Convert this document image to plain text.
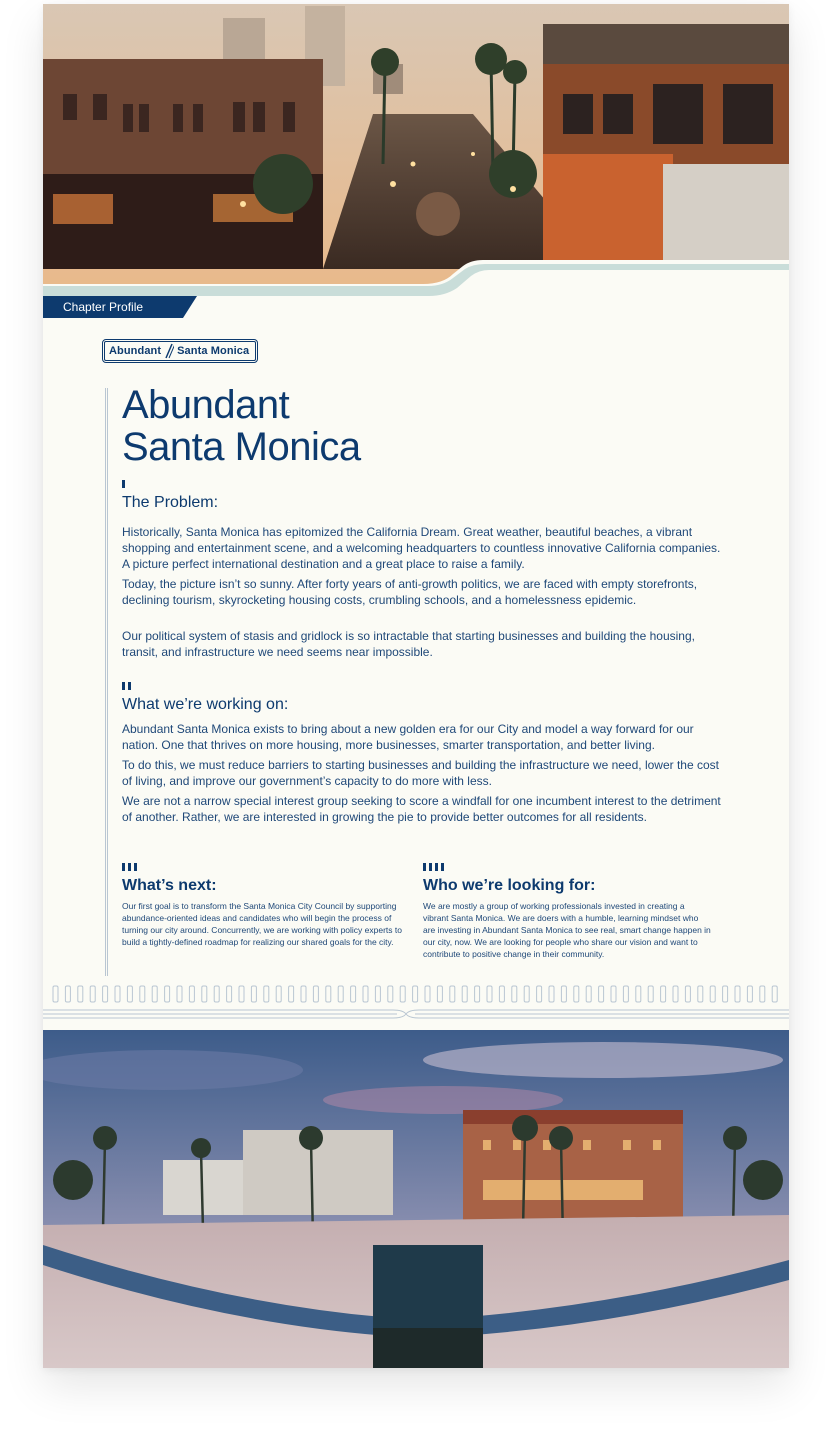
Chapter Profile
Abundant Santa Monica
Abundant
Santa Monica
The Problem:

Historically, Santa Monica has epitomized the California Dream. Great weather, beautiful beaches, a vibrant shopping and entertainment scene, and a welcoming headquarters to countless innovative California companies. A picture perfect international destination and a great place to raise a family.

Today, the picture isn’t so sunny. After forty years of anti-growth politics, we are faced with empty storefronts, declining tourism, skyrocketing housing costs, crumbling schools, and a homelessness epidemic.

Our political system of stasis and gridlock is so intractable that starting businesses and building the housing, transit, and infrastructure we need seems near impossible.

What we’re working on:

Abundant Santa Monica exists to bring about a new golden era for our City and model a way forward for our nation. One that thrives on more housing, more businesses, smarter transportation, and better living.

To do this, we must reduce barriers to starting businesses and building the infrastructure we need, lower the cost of living, and improve our government’s capacity to do more with less.

We are not a narrow special interest group seeking to score a windfall for one incumbent interest to the detriment of another. Rather, we are interested in growing the pie to provide better outcomes for all residents.

What’s next:

Our first goal is to transform the Santa Monica City Council by supporting abundance-oriented ideas and candidates who will begin the process of turning our city around. Concurrently, we are working with policy experts to build a tightly-defined roadmap for realizing our shared goals for the city.

Who we’re looking for:

We are mostly a group of working professionals invested in creating a vibrant Santa Monica. We are doers with a humble, learning mindset who are investing in Abundant Santa Monica to see real, smart change happen in our city, now. We are looking for people who share our vision and want to contribute to positive change in their community.
